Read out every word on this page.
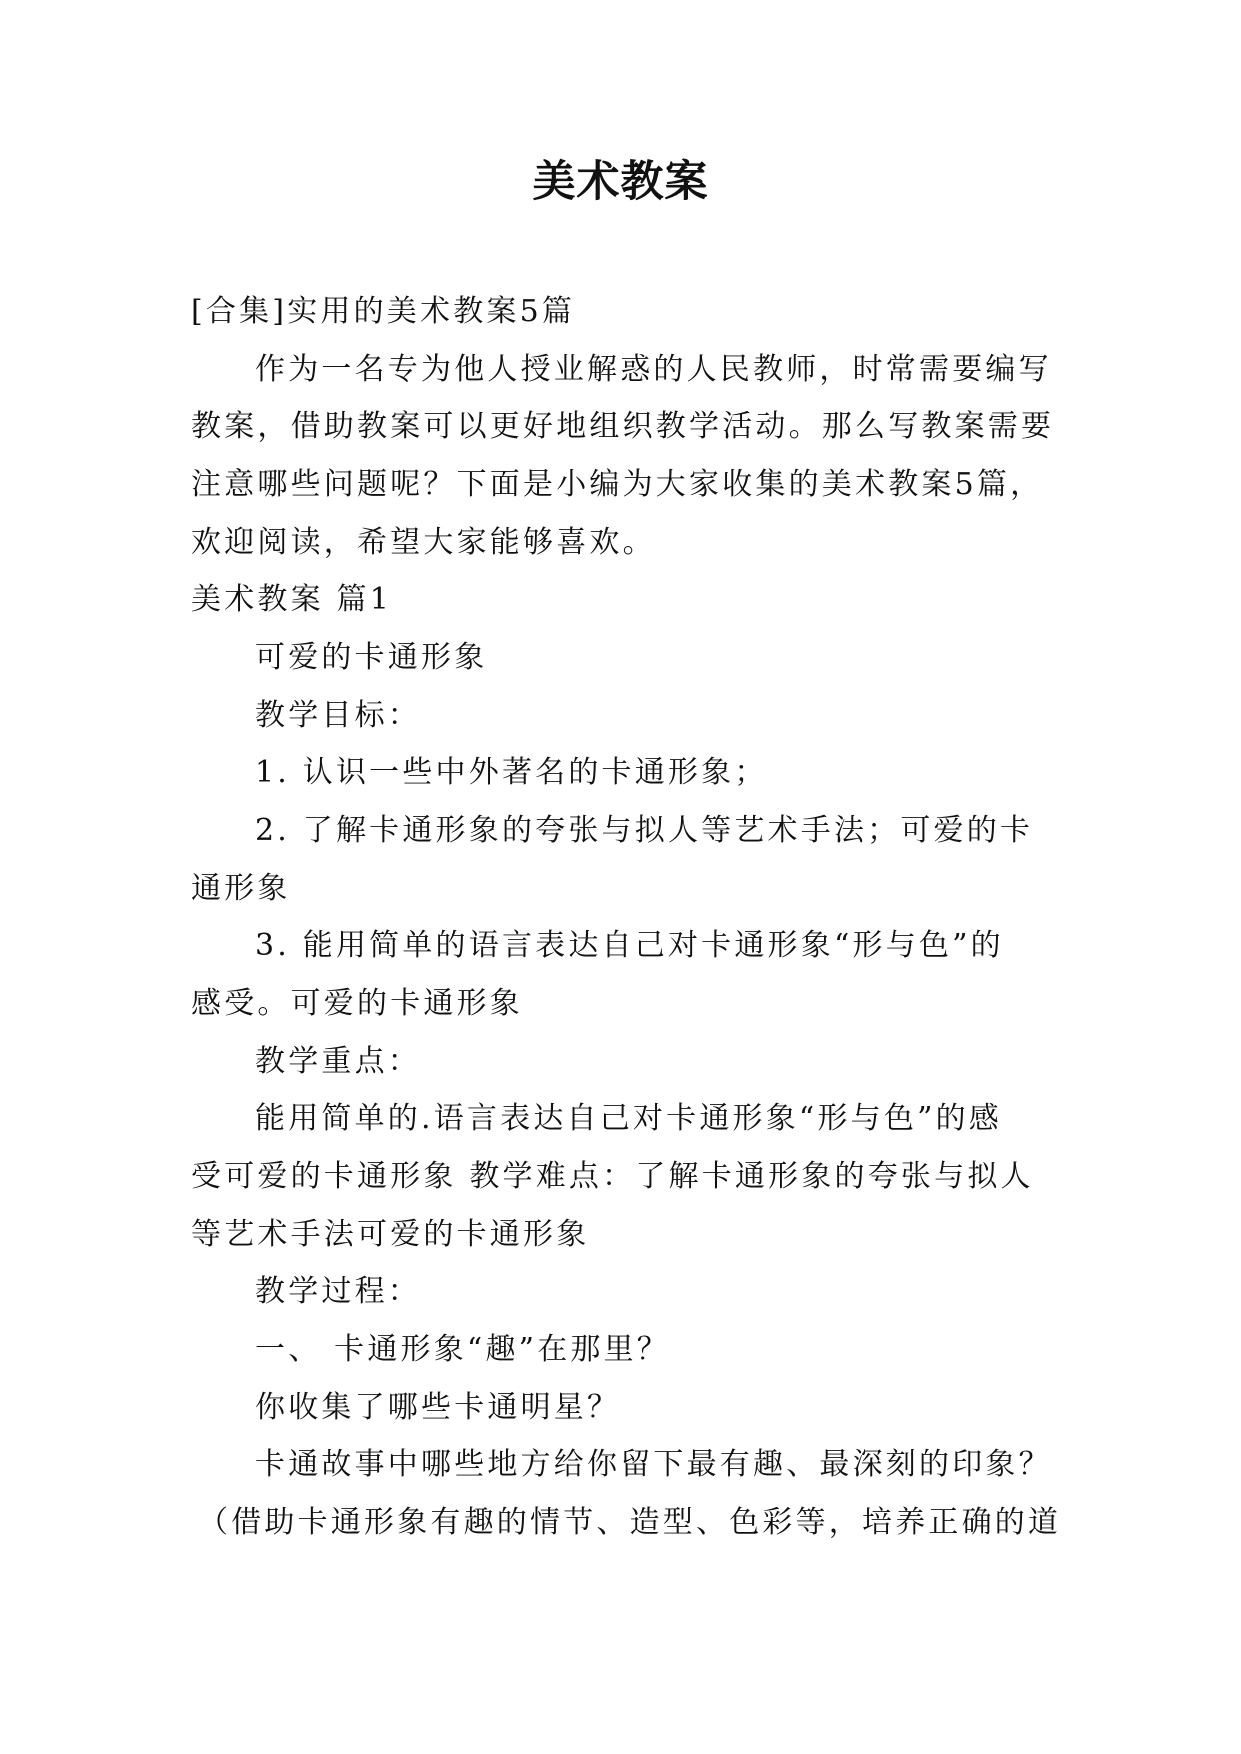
美术教案
[合集]实用的美术教案5篇
作为一名专为他人授业解惑的人民教师，时常需要编写
教案，借助教案可以更好地组织教学活动。那么写教案需要
注意哪些问题呢？下面是小编为大家收集的美术教案5篇，
欢迎阅读，希望大家能够喜欢。
美术教案 篇1
可爱的卡通形象
教学目标：
1. 认识一些中外著名的卡通形象；
2. 了解卡通形象的夸张与拟人等艺术手法；可爱的卡
通形象
3. 能用简单的语言表达自己对卡通形象“形与色”的
感受。可爱的卡通形象
教学重点：
能用简单的.语言表达自己对卡通形象“形与色”的感
受可爱的卡通形象 教学难点：了解卡通形象的夸张与拟人
等艺术手法可爱的卡通形象
教学过程：
一、 卡通形象“趣”在那里？
你收集了哪些卡通明星？
卡通故事中哪些地方给你留下最有趣、最深刻的印象？
（借助卡通形象有趣的情节、造型、色彩等，培养正确的道
